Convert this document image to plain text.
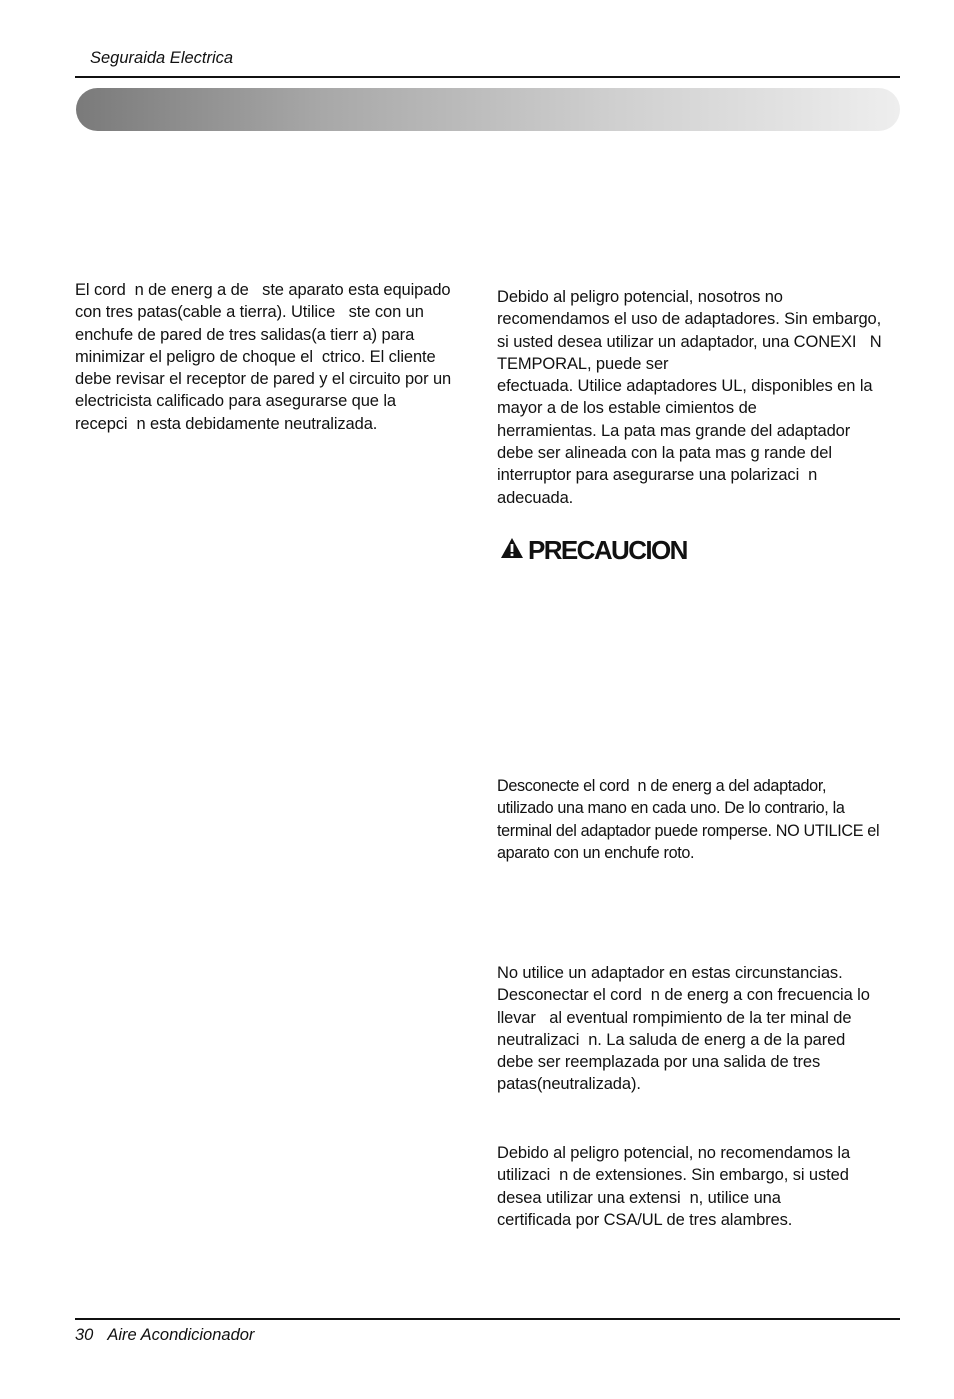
Seguraida Electrica
El cord  n de energ a de   ste aparato esta equipado
con tres patas(cable a tierra). Utilice   ste con un
enchufe de pared de tres salidas(a tierr a) para
minimizar el peligro de choque el  ctrico. El cliente
debe revisar el receptor de pared y el circuito por un
electricista calificado para asegurarse que la
recepci  n esta debidamente neutralizada.
Debido al peligro potencial, nosotros no
recomendamos el uso de adaptadores. Sin embargo,
si usted desea utilizar un adaptador, una CONEXI   N
TEMPORAL, puede ser
efectuada. Utilice adaptadores UL, disponibles en la
mayor a de los estable cimientos de
herramientas. La pata mas grande del adaptador
debe ser alineada con la pata mas g rande del
interruptor para asegurarse una polarizaci  n
adecuada.
PRECAUCION
Desconecte el cord  n de energ a del adaptador,
utilizado una mano en cada uno. De lo contrario, la
terminal del adaptador puede romperse. NO UTILICE el
aparato con un enchufe roto.
No utilice un adaptador en estas circunstancias.
Desconectar el cord  n de energ a con frecuencia lo
llevar   al eventual rompimiento de la ter minal de
neutralizaci  n. La saluda de energ a de la pared
debe ser reemplazada por una salida de tres
patas(neutralizada).
Debido al peligro potencial, no recomendamos la
utilizaci  n de extensiones. Sin embargo, si usted
desea utilizar una extensi  n, utilice una
certificada por CSA/UL de tres alambres.
30 Aire Acondicionador
